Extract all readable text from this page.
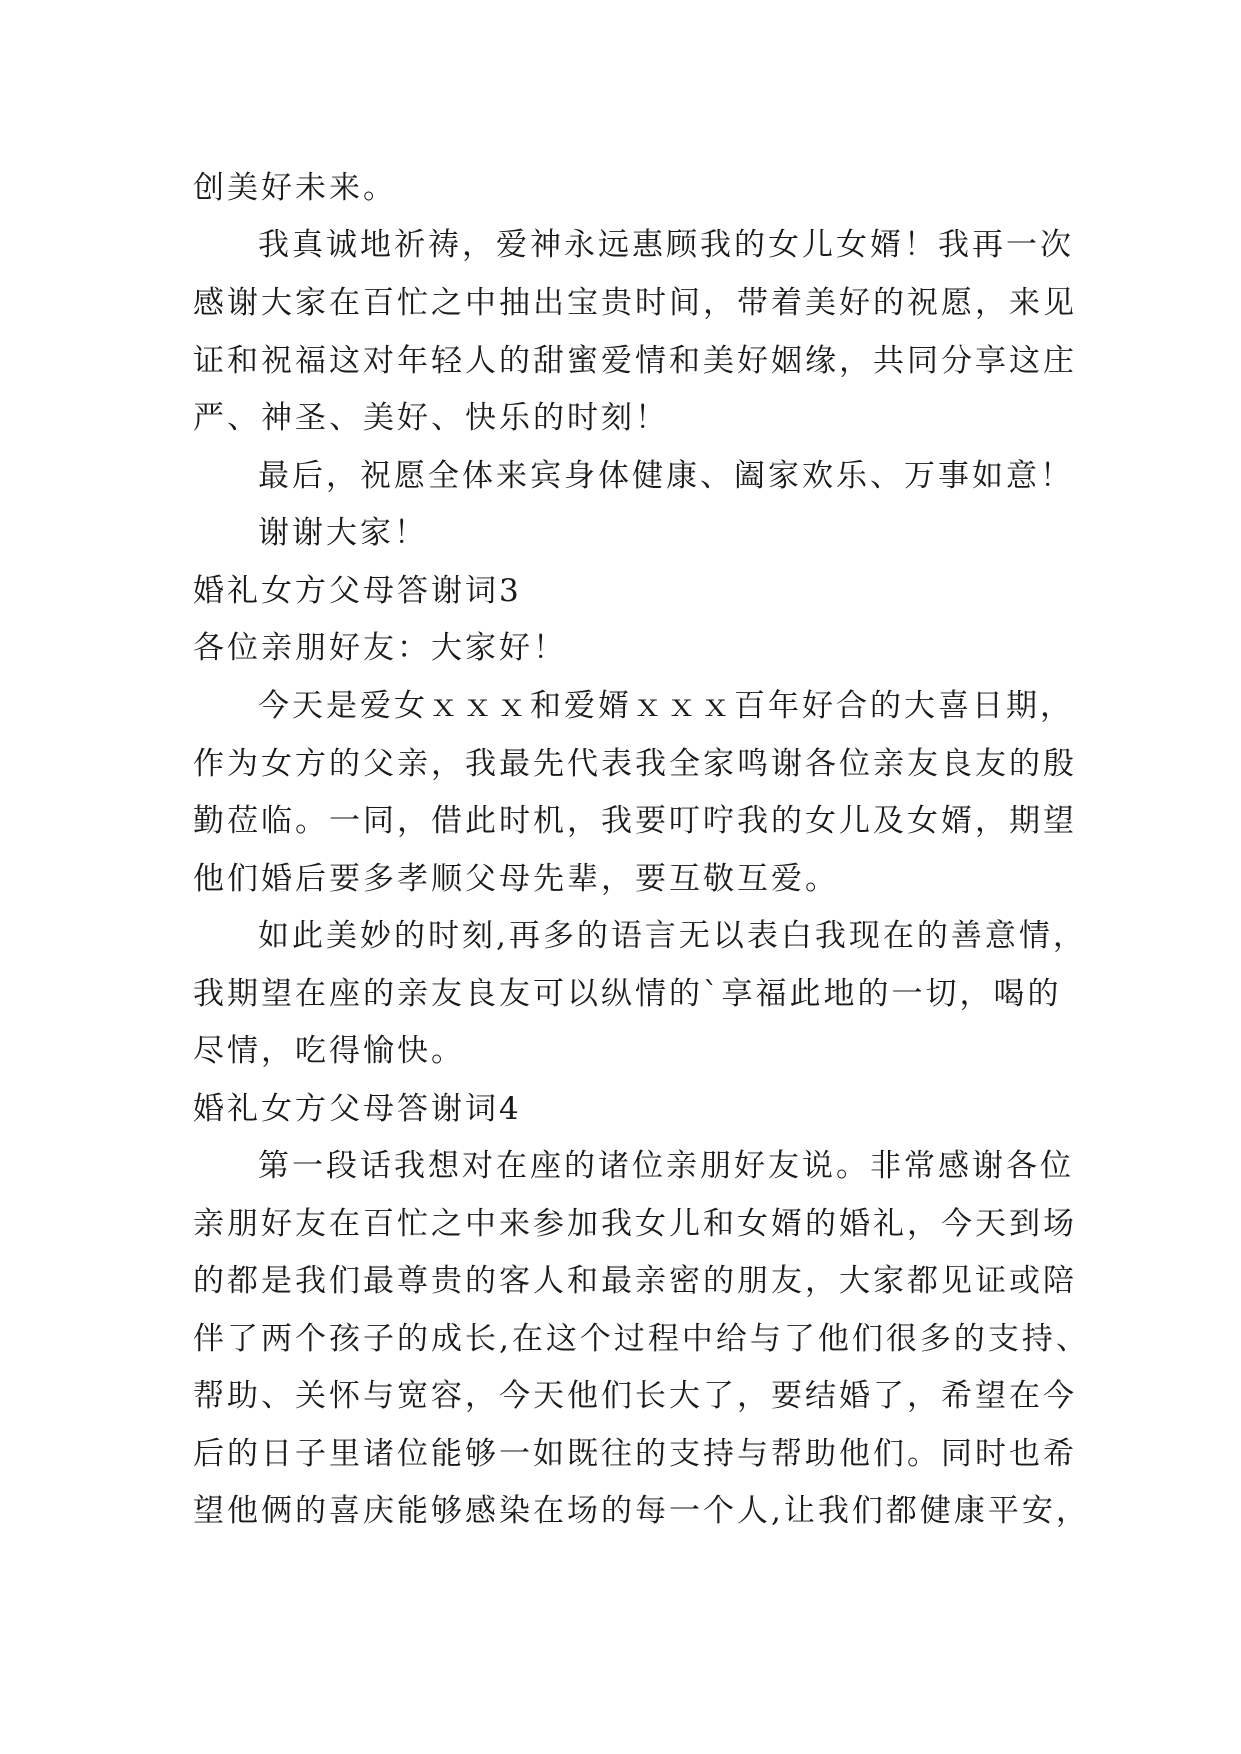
创美好未来。
我真诚地祈祷，爱神永远惠顾我的女儿女婿！我再一次
感谢大家在百忙之中抽出宝贵时间，带着美好的祝愿，来见
证和祝福这对年轻人的甜蜜爱情和美好姻缘，共同分享这庄
严、神圣、美好、快乐的时刻！
最后，祝愿全体来宾身体健康、阖家欢乐、万事如意！
谢谢大家！
婚礼女方父母答谢词3
各位亲朋好友：大家好！
今天是爱女ｘｘｘ和爱婿ｘｘｘ百年好合的大喜日期，
作为女方的父亲，我最先代表我全家鸣谢各位亲友良友的殷
勤莅临。一同，借此时机，我要叮咛我的女儿及女婿，期望
他们婚后要多孝顺父母先辈，要互敬互爱。
如此美妙的时刻,再多的语言无以表白我现在的善意情，
我期望在座的亲友良友可以纵情的`享福此地的一切，喝的
尽情，吃得愉快。
婚礼女方父母答谢词4
第一段话我想对在座的诸位亲朋好友说。非常感谢各位
亲朋好友在百忙之中来参加我女儿和女婿的婚礼，今天到场
的都是我们最尊贵的客人和最亲密的朋友，大家都见证或陪
伴了两个孩子的成长,在这个过程中给与了他们很多的支持、
帮助、关怀与宽容，今天他们长大了，要结婚了，希望在今
后的日子里诸位能够一如既往的支持与帮助他们。同时也希
望他俩的喜庆能够感染在场的每一个人,让我们都健康平安，
